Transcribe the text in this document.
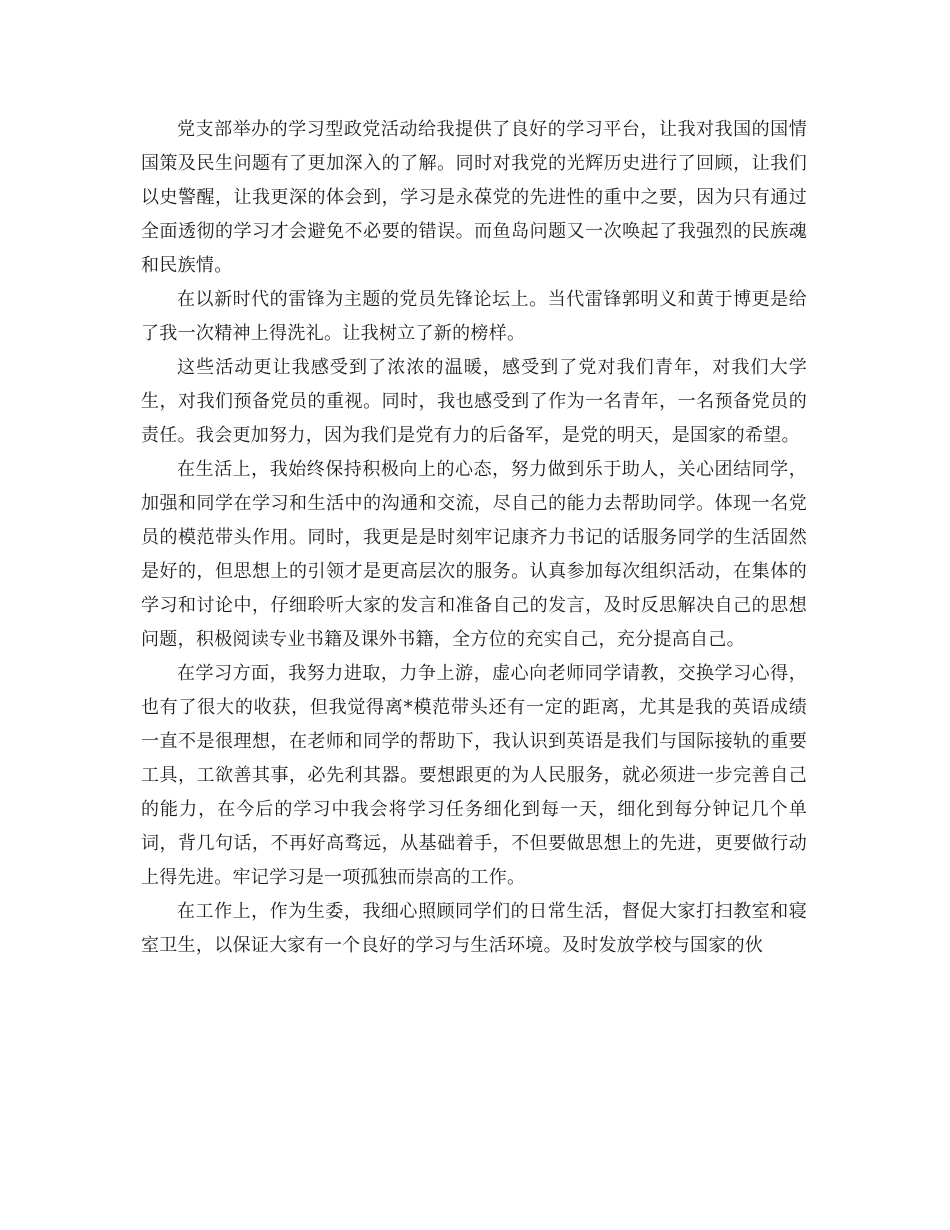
党支部举办的学习型政党活动给我提供了良好的学习平台，让我对我国的国情国策及民生问题有了更加深入的了解。同时对我党的光辉历史进行了回顾，让我们以史警醒，让我更深的体会到，学习是永葆党的先进性的重中之要，因为只有通过全面透彻的学习才会避免不必要的错误。而鱼岛问题又一次唤起了我强烈的民族魂和民族情。

在以新时代的雷锋为主题的党员先锋论坛上。当代雷锋郭明义和黄于博更是给了我一次精神上得洗礼。让我树立了新的榜样。

这些活动更让我感受到了浓浓的温暖，感受到了党对我们青年，对我们大学生，对我们预备党员的重视。同时，我也感受到了作为一名青年，一名预备党员的责任。我会更加努力，因为我们是党有力的后备军，是党的明天，是国家的希望。

在生活上，我始终保持积极向上的心态，努力做到乐于助人，关心团结同学，加强和同学在学习和生活中的沟通和交流，尽自己的能力去帮助同学。体现一名党员的模范带头作用。同时，我更是是时刻牢记康齐力书记的话服务同学的生活固然是好的，但思想上的引领才是更高层次的服务。认真参加每次组织活动，在集体的学习和讨论中，仔细聆听大家的发言和准备自己的发言，及时反思解决自己的思想问题，积极阅读专业书籍及课外书籍，全方位的充实自己，充分提高自己。

在学习方面，我努力进取，力争上游，虚心向老师同学请教，交换学习心得，也有了很大的收获，但我觉得离*模范带头还有一定的距离，尤其是我的英语成绩一直不是很理想，在老师和同学的帮助下，我认识到英语是我们与国际接轨的重要工具，工欲善其事，必先利其器。要想跟更的为人民服务，就必须进一步完善自己的能力，在今后的学习中我会将学习任务细化到每一天，细化到每分钟记几个单词，背几句话，不再好高骛远，从基础着手，不但要做思想上的先进，更要做行动上得先进。牢记学习是一项孤独而崇高的工作。

在工作上，作为生委，我细心照顾同学们的日常生活，督促大家打扫教室和寝室卫生，以保证大家有一个良好的学习与生活环境。及时发放学校与国家的伙
